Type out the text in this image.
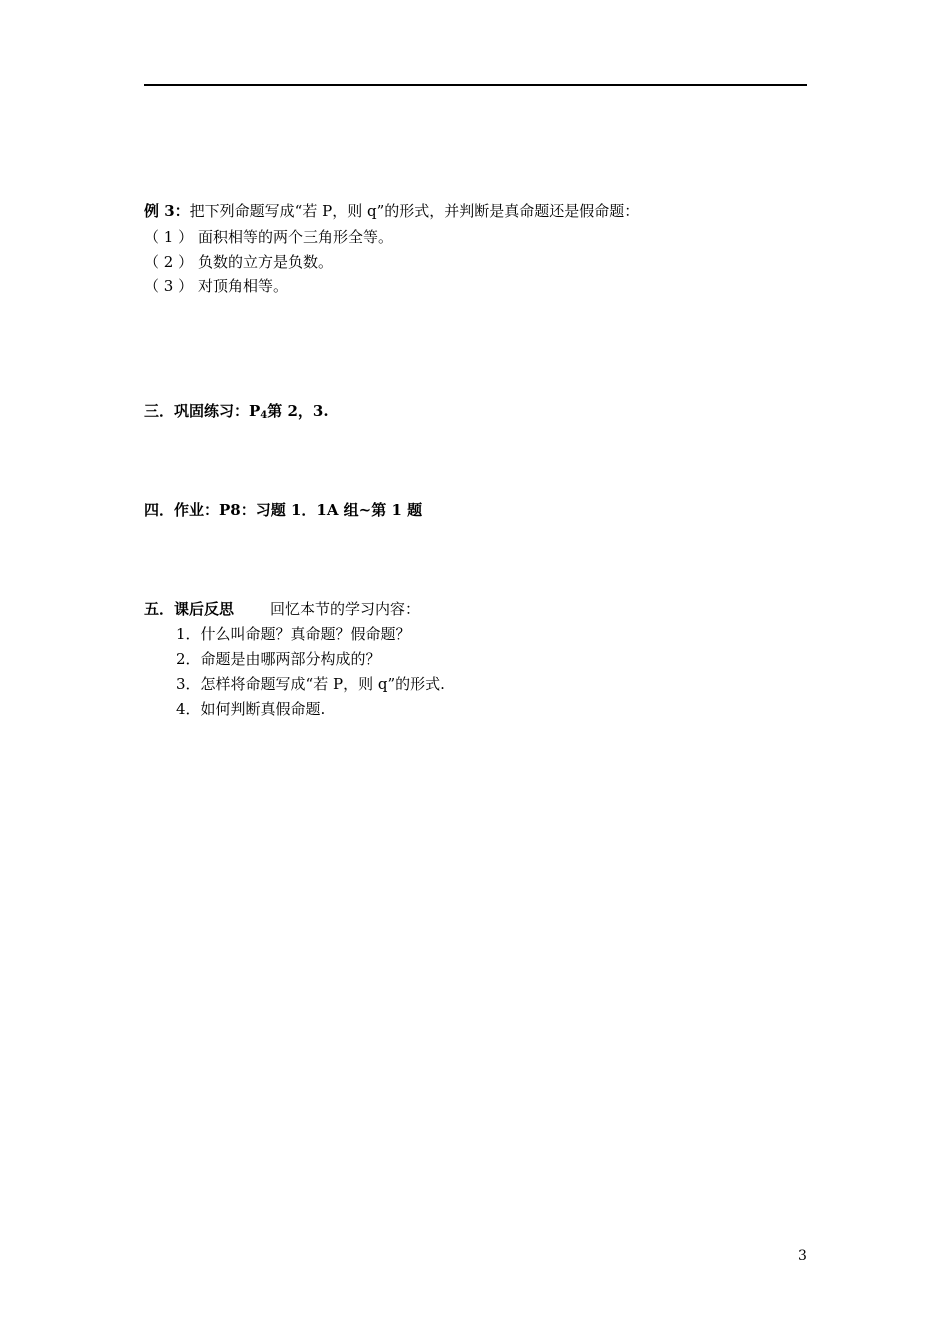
例 3：把下列命题写成“若 P，则 q”的形式，并判断是真命题还是假命题：
（ 1 ） 面积相等的两个三角形全等。
（ 2 ） 负数的立方是负数。
（ 3 ） 对顶角相等。
三．巩固练习：$P_4$第 2，3.
四．作业：P8：习题 1．1A 组~第 1 题
五．课后反思 回忆本节的学习内容：
1．什么叫命题？真命题？假命题？
2．命题是由哪两部分构成的？
3．怎样将命题写成“若 P，则 q”的形式.
4．如何判断真假命题.
3
